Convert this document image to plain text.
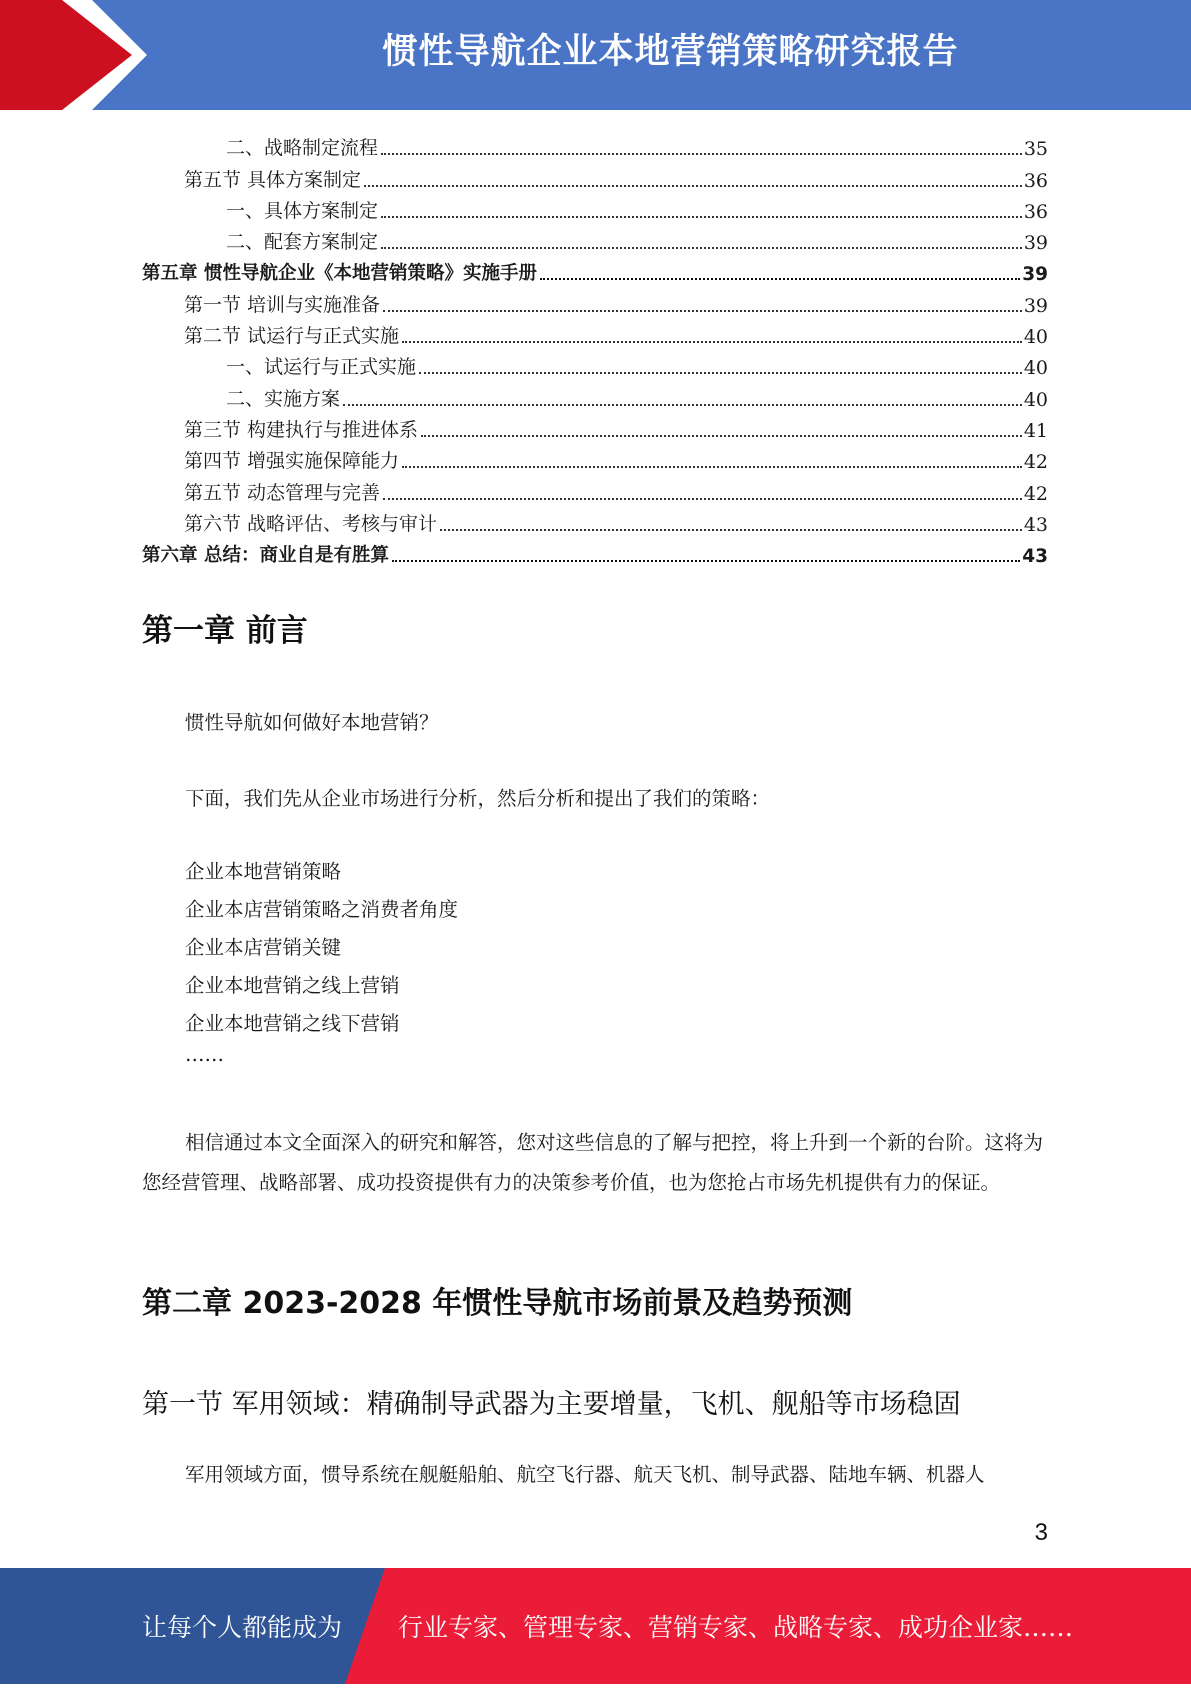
惯性导航企业本地营销策略研究报告
二、战略制定流程	35
第五节 具体方案制定	36
一、具体方案制定	36
二、配套方案制定	39
第五章 惯性导航企业《本地营销策略》实施手册	39
第一节 培训与实施准备	39
第二节 试运行与正式实施	40
一、试运行与正式实施	40
二、实施方案	40
第三节 构建执行与推进体系	41
第四节 增强实施保障能力	42
第五节 动态管理与完善	42
第六节 战略评估、考核与审计	43
第六章 总结：商业自是有胜算	43
第一章 前言

惯性导航如何做好本地营销？

下面，我们先从企业市场进行分析，然后分析和提出了我们的策略：

企业本地营销策略
企业本店营销策略之消费者角度
企业本店营销关键
企业本地营销之线上营销
企业本地营销之线下营销
……

相信通过本文全面深入的研究和解答，您对这些信息的了解与把控，将上升到一个新的台阶。这将为您经营管理、战略部署、成功投资提供有力的决策参考价值，也为您抢占市场先机提供有力的保证。

第二章 2023-2028 年惯性导航市场前景及趋势预测
第一节 军用领域：精确制导武器为主要增量，飞机、舰船等市场稳固

军用领域方面，惯导系统在舰艇船舶、航空飞行器、航天飞机、制导武器、陆地车辆、机器人

3
让每个人都能成为 行业专家、管理专家、营销专家、战略专家、成功企业家……
